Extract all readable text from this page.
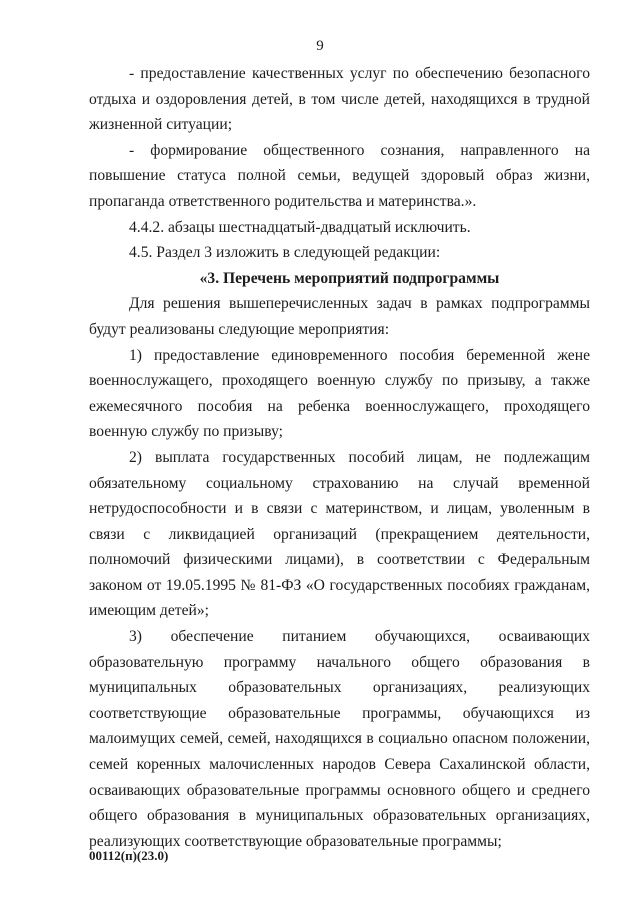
9

- предоставление качественных услуг по обеспечению безопасного отдыха и оздоровления детей, в том числе детей, находящихся в трудной жизненной ситуации;

- формирование общественного сознания, направленного на повышение статуса полной семьи, ведущей здоровый образ жизни, пропаганда ответственного родительства и материнства.».

4.4.2. абзацы шестнадцатый-двадцатый исключить.

4.5. Раздел 3 изложить в следующей редакции:

«3. Перечень мероприятий подпрограммы

Для решения вышеперечисленных задач в рамках подпрограммы будут реализованы следующие мероприятия:

1) предоставление единовременного пособия беременной жене военнослужащего, проходящего военную службу по призыву, а также ежемесячного пособия на ребенка военнослужащего, проходящего военную службу по призыву;

2) выплата государственных пособий лицам, не подлежащим обязательному социальному страхованию на случай временной нетрудоспособности и в связи с материнством, и лицам, уволенным в связи с ликвидацией организаций (прекращением деятельности, полномочий физическими лицами), в соответствии с Федеральным законом от 19.05.1995 № 81-ФЗ «О государственных пособиях гражданам, имеющим детей»;

3) обеспечение питанием обучающихся, осваивающих образовательную программу начального общего образования в муниципальных образовательных организациях, реализующих соответствующие образовательные программы, обучающихся из малоимущих семей, семей, находящихся в социально опасном положении, семей коренных малочисленных народов Севера Сахалинской области, осваивающих образовательные программы основного общего и среднего общего образования в муниципальных образовательных организациях, реализующих соответствующие образовательные программы;

00112(п)(23.0)
